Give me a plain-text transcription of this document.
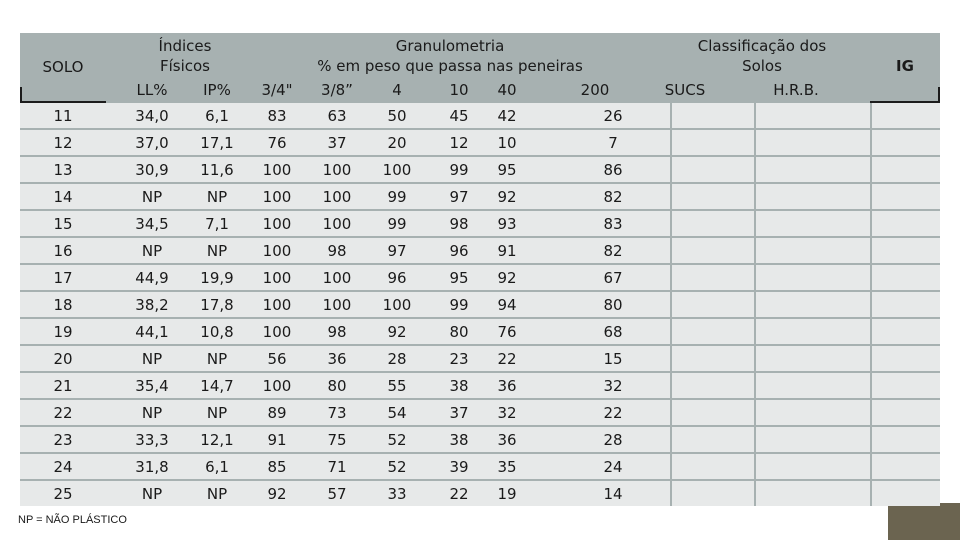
SOLO
Índices
Físicos
Granulometria
% em peso que passa nas peneiras
Classificação dos
Solos	IG
LL%	IP%	3/4"	3/8”	4	10	40	200	SUCS	H.R.B.
11	34,0	6,1	83	63	50	45	42	26
12	37,0	17,1	76	37	20	12	10	7
13	30,9	11,6	100	100	100	99	95	86
14	NP	NP	100	100	99	97	92	82
15	34,5	7,1	100	100	99	98	93	83
16	NP	NP	100	98	97	96	91	82
17	44,9	19,9	100	100	96	95	92	67
18	38,2	17,8	100	100	100	99	94	80
19	44,1	10,8	100	98	92	80	76	68
20	NP	NP	56	36	28	23	22	15
21	35,4	14,7	100	80	55	38	36	32
22	NP	NP	89	73	54	37	32	22
23	33,3	12,1	91	75	52	38	36	28
24	31,8	6,1	85	71	52	39	35	24
25	NP	NP	92	57	33	22	19	14
NP = NÃO PLÁSTICO
